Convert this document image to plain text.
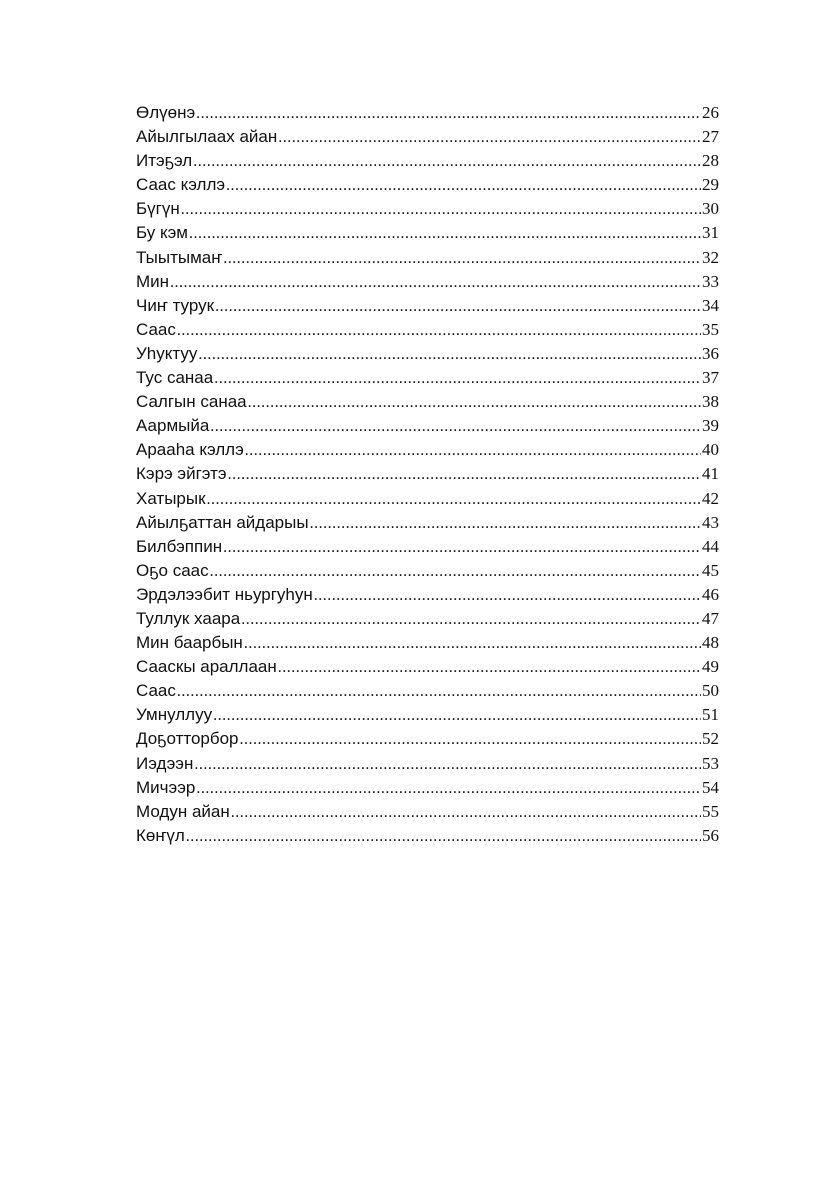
Өлүөнэ .....	26
Айылгылаах айан .....	27
Итэҕэл .....	28
Саас кэллэ .....	29
Бүгүн .....	30
Бу кэм .....	31
Тыытымаҥ .....	32
Мин .....	33
Чиҥ турук .....	34
Саас .....	35
Уһуктуу .....	36
Тус санаа .....	37
Салгын санаа .....	38
Аармыйа .....	39
Арааһа кэллэ .....	40
Кэрэ эйгэтэ .....	41
Хатырык .....	42
Айылҕаттан айдарыы .....	43
Билбэппин .....	44
Оҕо саас .....	45
Эрдэлээбит ньургуһун .....	46
Туллук хаара .....	47
Мин баарбын .....	48
Сааскы араллаан .....	49
Саас .....	50
Умнуллуу .....	51
Доҕотторбор .....	52
Иэдээн .....	53
Мичээр .....	54
Модун айан .....	55
Көҥүл .....	56
